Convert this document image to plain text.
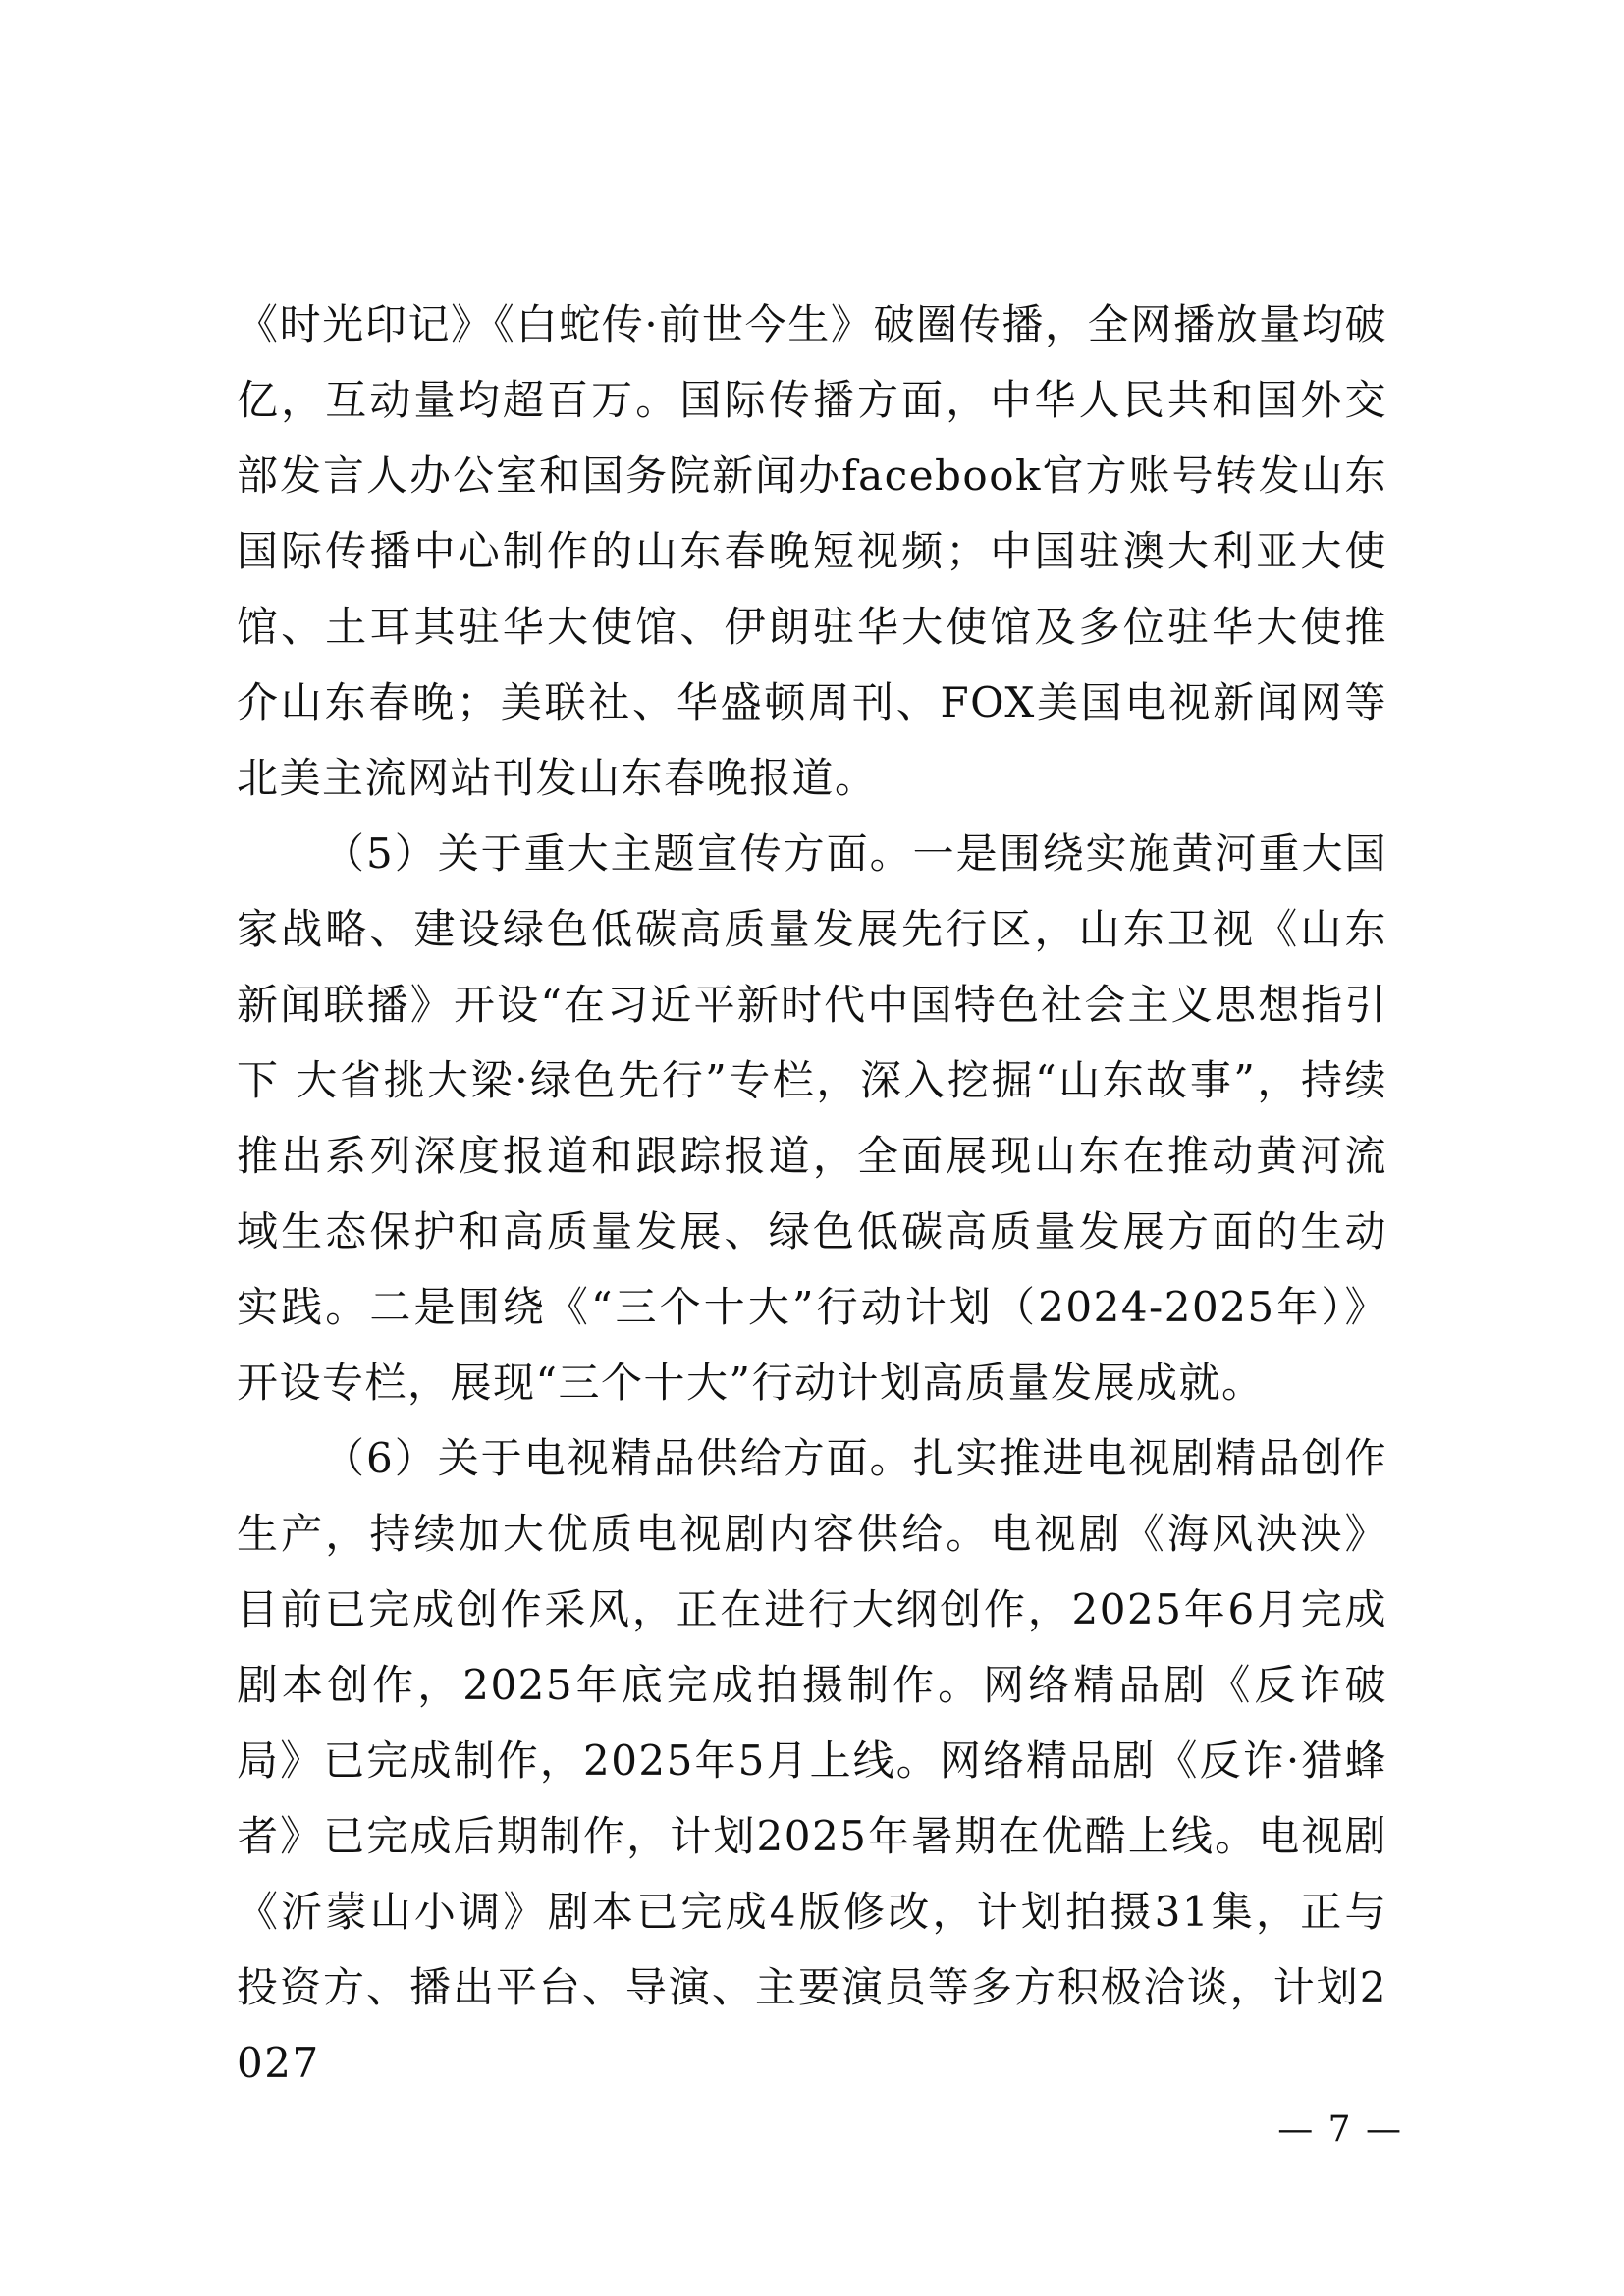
《时光印记》《白蛇传·前世今生》破圈传播，全网播放量均破亿，互动量均超百万。国际传播方面，中华人民共和国外交部发言人办公室和国务院新闻办facebook官方账号转发山东国际传播中心制作的山东春晚短视频；中国驻澳大利亚大使馆、土耳其驻华大使馆、伊朗驻华大使馆及多位驻华大使推介山东春晚；美联社、华盛顿周刊、FOX美国电视新闻网等北美主流网站刊发山东春晚报道。

（5）关于重大主题宣传方面。一是围绕实施黄河重大国家战略、建设绿色低碳高质量发展先行区，山东卫视《山东新闻联播》开设“在习近平新时代中国特色社会主义思想指引下 大省挑大梁·绿色先行”专栏，深入挖掘“山东故事”，持续推出系列深度报道和跟踪报道，全面展现山东在推动黄河流域生态保护和高质量发展、绿色低碳高质量发展方面的生动实践。二是围绕《“三个十大”行动计划（2024-2025年）》开设专栏，展现“三个十大”行动计划高质量发展成就。

（6）关于电视精品供给方面。扎实推进电视剧精品创作生产，持续加大优质电视剧内容供给。电视剧《海风泱泱》目前已完成创作采风，正在进行大纲创作，2025年6月完成剧本创作，2025年底完成拍摄制作。网络精品剧《反诈破局》已完成制作，2025年5月上线。网络精品剧《反诈·猎蜂者》已完成后期制作，计划2025年暑期在优酷上线。电视剧《沂蒙山小调》剧本已完成4版修改，计划拍摄31集，正与投资方、播出平台、导演、主要演员等多方积极洽谈，计划2027

— 7 —
